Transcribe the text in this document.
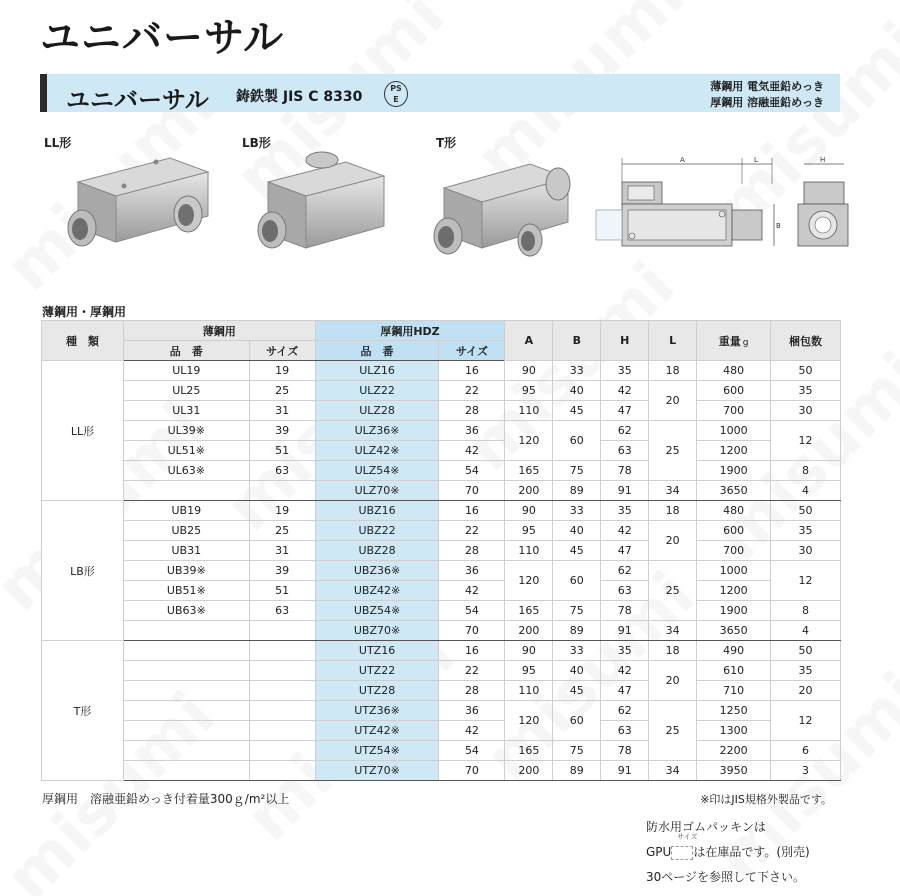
ユニバーサル
ユニバーサル 鋳鉄製 JIS C 8330
PSE
薄鋼用 電気亜鉛めっき
厚鋼用 溶融亜鉛めっき
LL形	LB形	T形
A	L
B
H
薄鋼用・厚鋼用
種　類	薄鋼用		厚鋼用HDZ		A	B	H	L	重量 g	梱包数
	品　番	サイズ	品　番	サイズ						
LL形	UL19	19	ULZ16	16	90	33	35	18	480	50
	UL25	25	ULZ22	22	95	40	42	20	600	35
	UL31	31	ULZ28	28	110	45	47		700	30
	UL39※	39	ULZ36※	36	120	60	62	25	1000	12
	UL51※	51	ULZ42※	42			63		1200	
	UL63※	63	ULZ54※	54	165	75	78		1900	8
			ULZ70※	70	200	89	91	34	3650	4
LB形	UB19	19	UBZ16	16	90	33	35	18	480	50
	UB25	25	UBZ22	22	95	40	42	20	600	35
	UB31	31	UBZ28	28	110	45	47		700	30
	UB39※	39	UBZ36※	36	120	60	62	25	1000	12
	UB51※	51	UBZ42※	42			63		1200	
	UB63※	63	UBZ54※	54	165	75	78		1900	8
			UBZ70※	70	200	89	91	34	3650	4
T形			UTZ16	16	90	33	35	18	490	50
			UTZ22	22	95	40	42	20	610	35
			UTZ28	28	110	45	47		710	20
			UTZ36※	36	120	60	62	25	1250	12
			UTZ42※	42			63		1300	
			UTZ54※	54	165	75	78		2200	6
			UTZ70※	70	200	89	91	34	3950	3
厚鋼用　溶融亜鉛めっき付着量300ｇ/m²以上	※印はJIS規格外製品です。
防水用ゴムパッキンは
サイズ
GPU は在庫品です。(別売)
30ページを参照して下さい。
